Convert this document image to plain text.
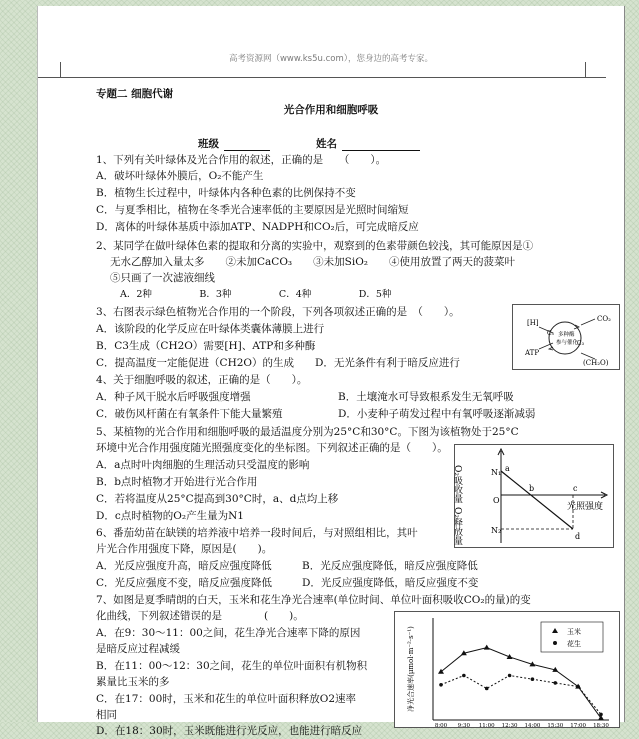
高考资源网（www.ks5u.com），您身边的高考专家。
专题二 细胞代谢
光合作用和细胞呼吸
班级	姓名
1、下列有关叶绿体及光合作用的叙述，正确的是　　（　　）。
A．破坏叶绿体外膜后，O₂不能产生
B．植物生长过程中，叶绿体内各种色素的比例保持不变
C．与夏季相比，植物在冬季光合速率低的主要原因是光照时间缩短
D．离体的叶绿体基质中添加ATP、NADPH和CO₂后，可完成暗反应
2、某同学在做叶绿体色素的提取和分离的实验中，观察到的色素带颜色较浅，其可能原因是①
无水乙醇加入量太多　　②未加CaCO₃　　③未加SiO₂　　④使用放置了两天的菠菜叶
⑤只画了一次滤液细线
A．2种　　　　　B．3种　　　　　C．4种　　　　　D．5种
3、右图表示绿色植物光合作用的一个阶段，下列各项叙述正确的是　（　　）。
A．该阶段的化学反应在叶绿体类囊体薄膜上进行
B．C3生成（CH2O）需要[H]、ATP和多种酶
C．提高温度一定能促进（CH2O）的生成　　D．无光条件有利于暗反应进行
[H]
ATP
CO₂
(CH₂O)
C₅ 多种酶
参与催化
C₃
4、关于细胞呼吸的叙述，正确的是（　　）。
A．种子风干脱水后呼吸强度增强	B．土壤淹水可导致根系发生无氧呼吸
C．破伤风杆菌在有氧条件下能大量繁殖	D．小麦种子萌发过程中有氧呼吸逐渐减弱
5、某植物的光合作用和细胞呼吸的最适温度分别为25°C和30°C。下图为该植物处于25°C
环境中光合作用强度随光照强度变化的坐标图。下列叙述正确的是（　　）。
A．a点时叶肉细胞的生理活动只受温度的影响
B．b点时植物才开始进行光合作用
C．若将温度从25°C提高到30°C时，a、d点均上移
D．c点时植物的O₂产生量为N1
O₂吸收量
O₂释放量	光照强度
N₁
N₂
a
b	c
d
O
6、番茄幼苗在缺镁的培养液中培养一段时间后，与对照组相比，其叶
片光合作用强度下降，原因是(　　)。
A．光反应强度升高，暗反应强度降低	B．光反应强度降低，暗反应强度降低
C．光反应强度不变，暗反应强度降低	D．光反应强度降低，暗反应强度不变
7、如图是夏季晴朗的白天，玉米和花生净光合速率(单位时间、单位叶面积吸收CO₂的量)的变
化曲线，下列叙述错误的是　　　　(　　)。
A．在9：30～11：00之间，花生净光合速率下降的原因
是暗反应过程减缓
B．在11：00～12：30之间，花生的单位叶面积有机物积
累量比玉米的多
C．在17：00时，玉米和花生的单位叶面积释放O2速率
相同
D．在18：30时，玉米既能进行光反应，也能进行暗反应
净光合速率(μmol·m⁻²·s⁻¹)
8:00 9:30 11:00 12:30 14:00 15:30 17:00 18:30
玉米
花生
